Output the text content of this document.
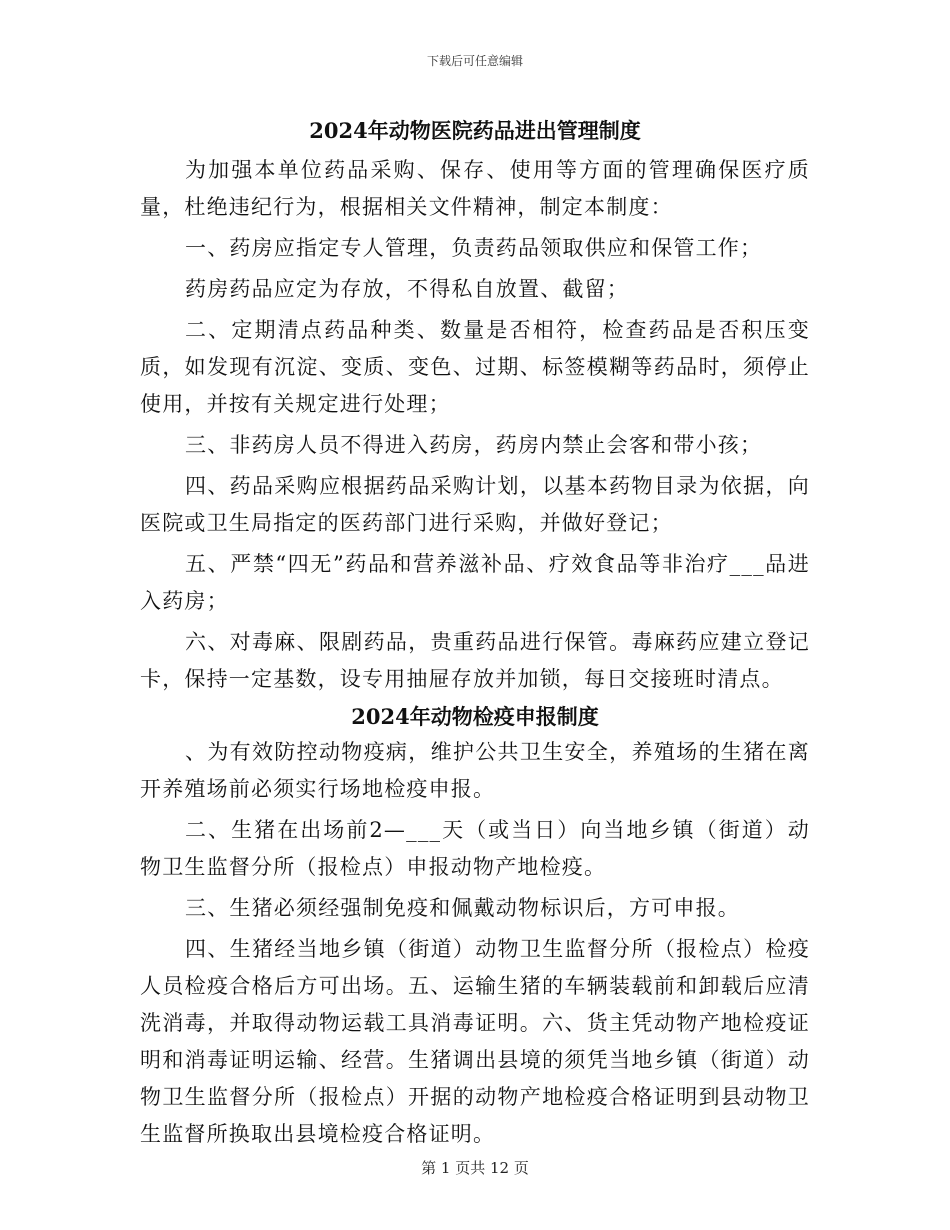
下载后可任意编辑
2024年动物医院药品进出管理制度

为加强本单位药品采购、保存、使用等方面的管理确保医疗质量，杜绝违纪行为，根据相关文件精神，制定本制度：

一、药房应指定专人管理，负责药品领取供应和保管工作；

药房药品应定为存放，不得私自放置、截留；

二、定期清点药品种类、数量是否相符，检查药品是否积压变质，如发现有沉淀、变质、变色、过期、标签模糊等药品时，须停止使用，并按有关规定进行处理；

三、非药房人员不得进入药房，药房内禁止会客和带小孩；

四、药品采购应根据药品采购计划，以基本药物目录为依据，向医院或卫生局指定的医药部门进行采购，并做好登记；

五、严禁“四无”药品和营养滋补品、疗效食品等非治疗___品进入药房；

六、对毒麻、限剧药品，贵重药品进行保管。毒麻药应建立登记卡，保持一定基数，设专用抽屉存放并加锁，每日交接班时清点。

2024年动物检疫申报制度

、为有效防控动物疫病，维护公共卫生安全，养殖场的生猪在离开养殖场前必须实行场地检疫申报。

二、生猪在出场前2—___天（或当日）向当地乡镇（街道）动物卫生监督分所（报检点）申报动物产地检疫。

三、生猪必须经强制免疫和佩戴动物标识后，方可申报。

四、生猪经当地乡镇（街道）动物卫生监督分所（报检点）检疫人员检疫合格后方可出场。五、运输生猪的车辆装载前和卸载后应清洗消毒，并取得动物运载工具消毒证明。六、货主凭动物产地检疫证明和消毒证明运输、经营。生猪调出县境的须凭当地乡镇（街道）动物卫生监督分所（报检点）开据的动物产地检疫合格证明到县动物卫生监督所换取出县境检疫合格证明。

第 1 页共 12 页
